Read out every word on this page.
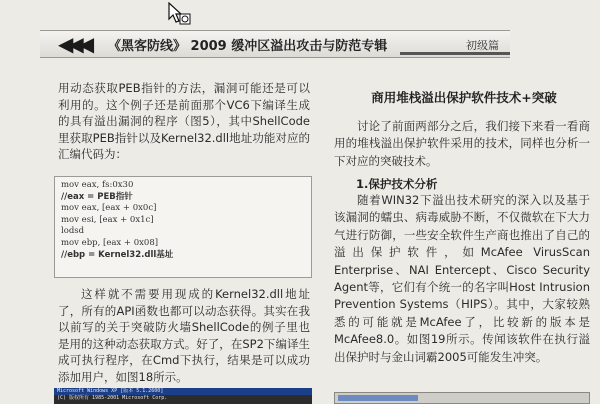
◀◀◀ 《黑客防线》 2009 缓冲区溢出攻击与防范专辑	初级篇

用动态获取PEB指针的方法，漏洞可能还是可以利用的。这个例子还是前面那个VC6下编译生成的具有溢出漏洞的程序（图5），其中ShellCode里获取PEB指针以及Kernel32.dll地址功能对应的汇编代码为：

mov eax, fs:0x30
//eax = PEB指针
mov eax, [eax + 0x0c]
mov esi, [eax + 0x1c]
lodsd
mov ebp, [eax + 0x08]
//ebp = Kernel32.dll基址

这样就不需要用现成的Kernel32.dll地址了，所有的API函数也都可以动态获得。其实在我以前写的关于突破防火墙ShellCode的例子里也是用的这种动态获取方式。好了，在SP2下编译生成可执行程序，在Cmd下执行，结果是可以成功添加用户，如图18所示。

Microsoft Windows XP [版本 5.1.2600]
(C) 版权所有 1985-2001 Microsoft Corp.
商用堆栈溢出保护软件技术+突破

讨论了前面两部分之后，我们接下来看一看商用的堆栈溢出保护软件采用的技术，同样也分析一下对应的突破技术。

1.保护技术分析

随着WIN32下溢出技术研究的深入以及基于该漏洞的蠕虫、病毒威胁不断，不仅微软在下大力气进行防御，一些安全软件生产商也推出了自己的溢出保护软件，如McAfee VirusScan Enterprise、NAI Entercept、Cisco Security Agent等，它们有个统一的名字叫Host Intrusion Prevention Systems（HIPS）。其中，大家较熟悉的可能就是McAfee了，比较新的版本是McAfee8.0。如图19所示。传闻该软件在执行溢出保护时与金山词霸2005可能发生冲突。
